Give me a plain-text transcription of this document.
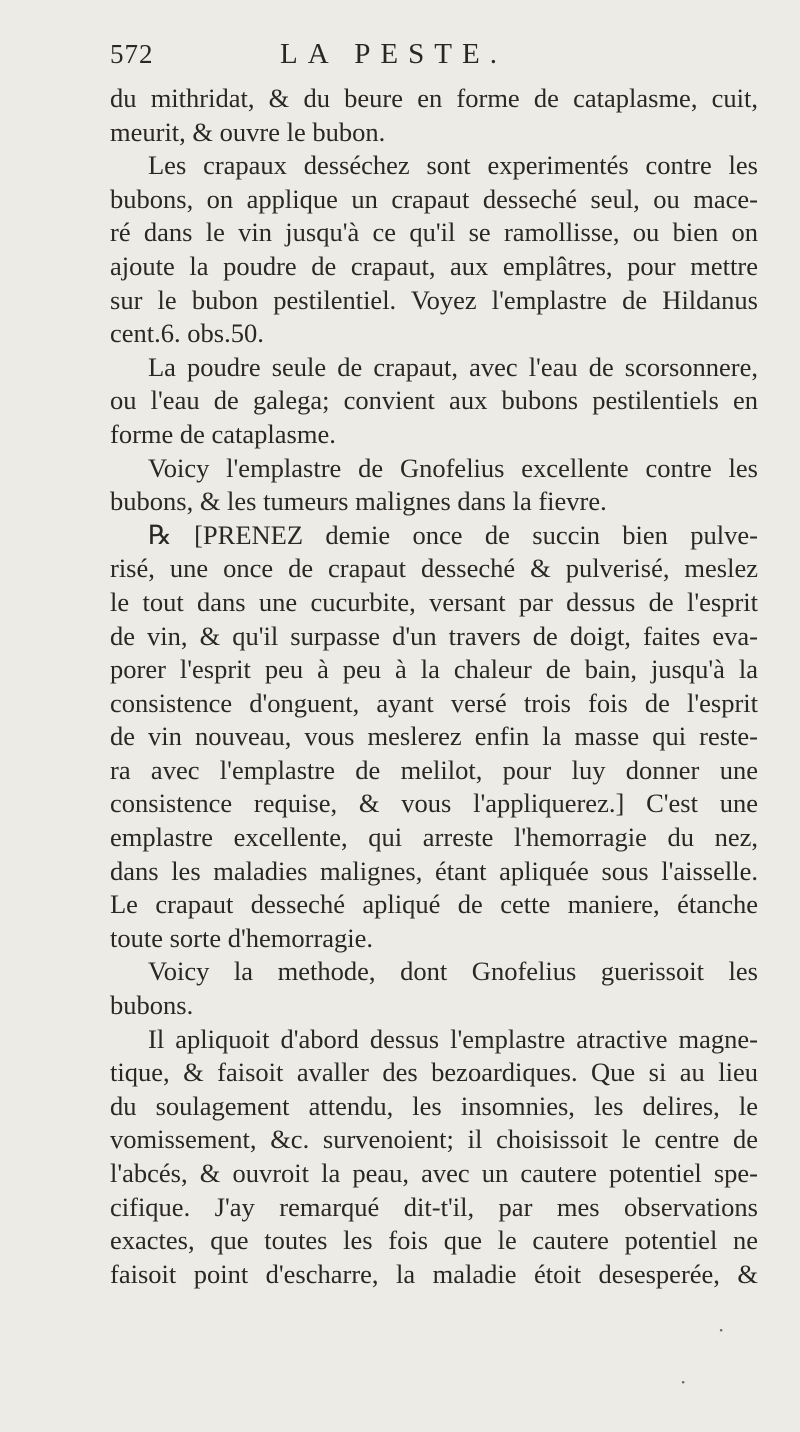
572	LA PESTE.
du mithridat, & du beure en forme de cataplasme, cuit,
meurit, & ouvre le bubon.
Les crapaux desséchez sont experimentés contre les
bubons, on applique un crapaut desseché seul, ou mace-
ré dans le vin jusqu'à ce qu'il se ramollisse, ou bien on
ajoute la poudre de crapaut, aux emplâtres, pour mettre
sur le bubon pestilentiel. Voyez l'emplastre de Hildanus
cent.6. obs.50.
La poudre seule de crapaut, avec l'eau de scorsonnere,
ou l'eau de galega; convient aux bubons pestilentiels en
forme de cataplasme.
Voicy l'emplastre de Gnofelius excellente contre les
bubons, & les tumeurs malignes dans la fievre.
℞ [PRENEZ demie once de succin bien pulve-
risé, une once de crapaut desseché & pulverisé, meslez
le tout dans une cucurbite, versant par dessus de l'esprit
de vin, & qu'il surpasse d'un travers de doigt, faites eva-
porer l'esprit peu à peu à la chaleur de bain, jusqu'à la
consistence d'onguent, ayant versé trois fois de l'esprit
de vin nouveau, vous meslerez enfin la masse qui reste-
ra avec l'emplastre de melilot, pour luy donner une
consistence requise, & vous l'appliquerez.] C'est une
emplastre excellente, qui arreste l'hemorragie du nez,
dans les maladies malignes, étant apliquée sous l'aisselle.
Le crapaut desseché apliqué de cette maniere, étanche
toute sorte d'hemorragie.
Voicy la methode, dont Gnofelius guerissoit les
bubons.
Il apliquoit d'abord dessus l'emplastre atractive magne-
tique, & faisoit avaller des bezoardiques. Que si au lieu
du soulagement attendu, les insomnies, les delires, le
vomissement, &c. survenoient; il choisissoit le centre de
l'abcés, & ouvroit la peau, avec un cautere potentiel spe-
cifique. J'ay remarqué dit-t'il, par mes observations
exactes, que toutes les fois que le cautere potentiel ne
faisoit point d'escharre, la maladie étoit desesperée, &
·
·
